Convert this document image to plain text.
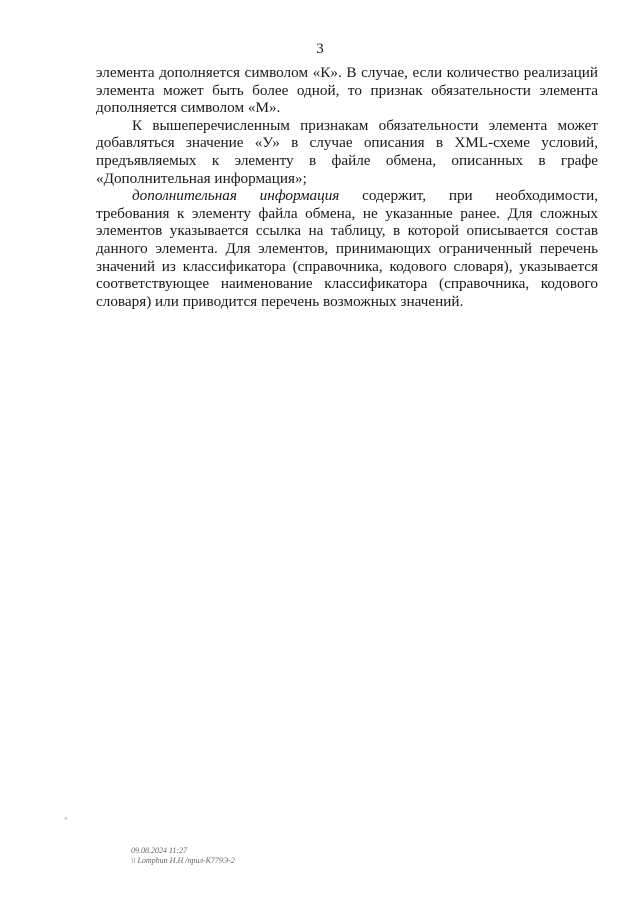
3

элемента дополняется символом «К». В случае, если количество реализаций элемента может быть более одной, то признак обязательности элемента дополняется символом «М».

К вышеперечисленным признакам обязательности элемента может добавляться значение «У» в случае описания в XML-схеме условий, предъявляемых к элементу в файле обмена, описанных в графе «Дополнительная информация»;

дополнительная информация содержит, при необходимости, требования к элементу файла обмена, не указанные ранее. Для сложных элементов указывается ссылка на таблицу, в которой описывается состав данного элемента. Для элементов, принимающих ограниченный перечень значений из классификатора (справочника, кодового словаря), указывается соответствующее наименование классификатора (справочника, кодового словаря) или приводится перечень возможных значений.

"
09.08.2024 11:27
\\ Lomphun Н.Н /прил-К779Э-2
